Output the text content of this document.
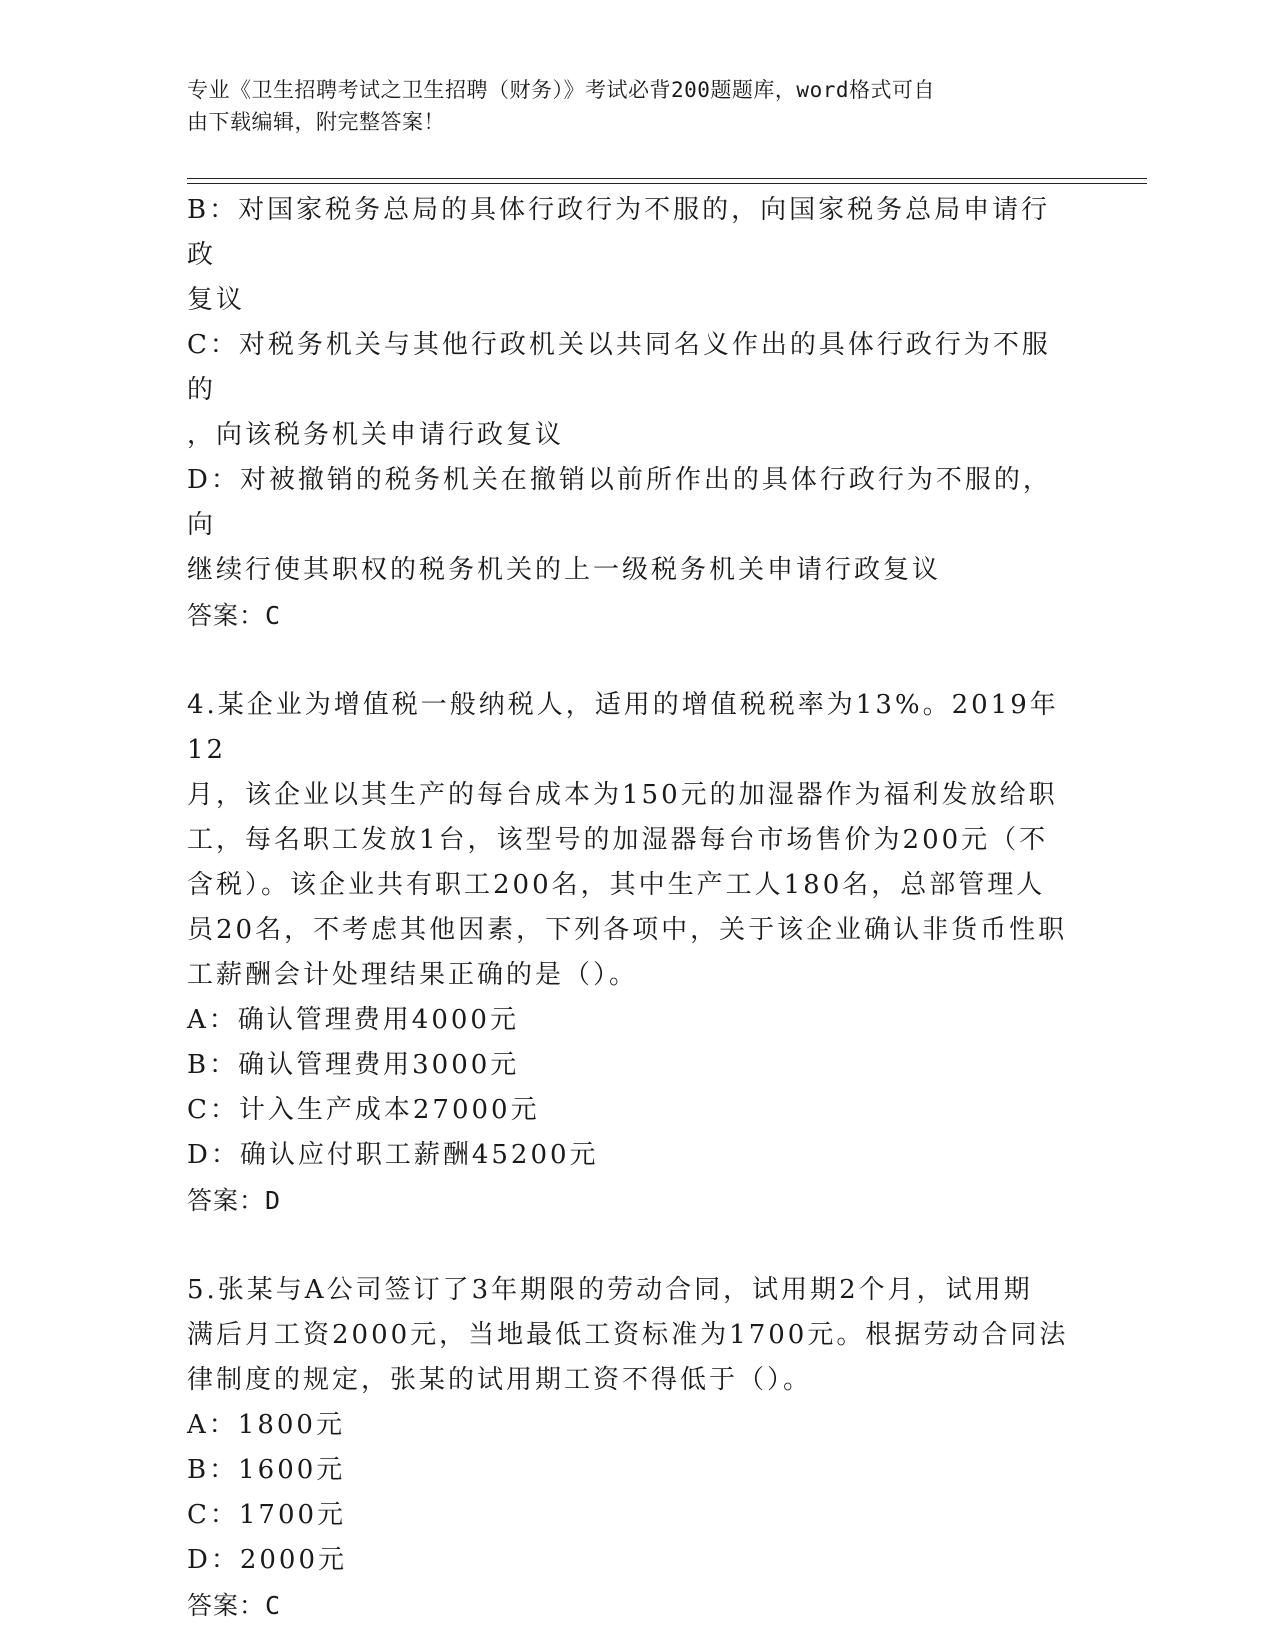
专业《卫生招聘考试之卫生招聘（财务）》考试必背200题题库，word格式可自
由下载编辑，附完整答案！
B：对国家税务总局的具体行政行为不服的，向国家税务总局申请行政
复议
C：对税务机关与其他行政机关以共同名义作出的具体行政行为不服的
，向该税务机关申请行政复议
D：对被撤销的税务机关在撤销以前所作出的具体行政行为不服的，向
继续行使其职权的税务机关的上一级税务机关申请行政复议
答案：C
4.某企业为增值税一般纳税人，适用的增值税税率为13%。2019年12
月，该企业以其生产的每台成本为150元的加湿器作为福利发放给职
工，每名职工发放1台，该型号的加湿器每台市场售价为200元（不
含税）。该企业共有职工200名，其中生产工人180名，总部管理人
员20名，不考虑其他因素，下列各项中，关于该企业确认非货币性职
工薪酬会计处理结果正确的是（）。
A：确认管理费用4000元
B：确认管理费用3000元
C：计入生产成本27000元
D：确认应付职工薪酬45200元
答案：D
5.张某与A公司签订了3年期限的劳动合同，试用期2个月，试用期
满后月工资2000元，当地最低工资标准为1700元。根据劳动合同法
律制度的规定，张某的试用期工资不得低于（）。
A：1800元
B：1600元
C：1700元
D：2000元
答案：C
